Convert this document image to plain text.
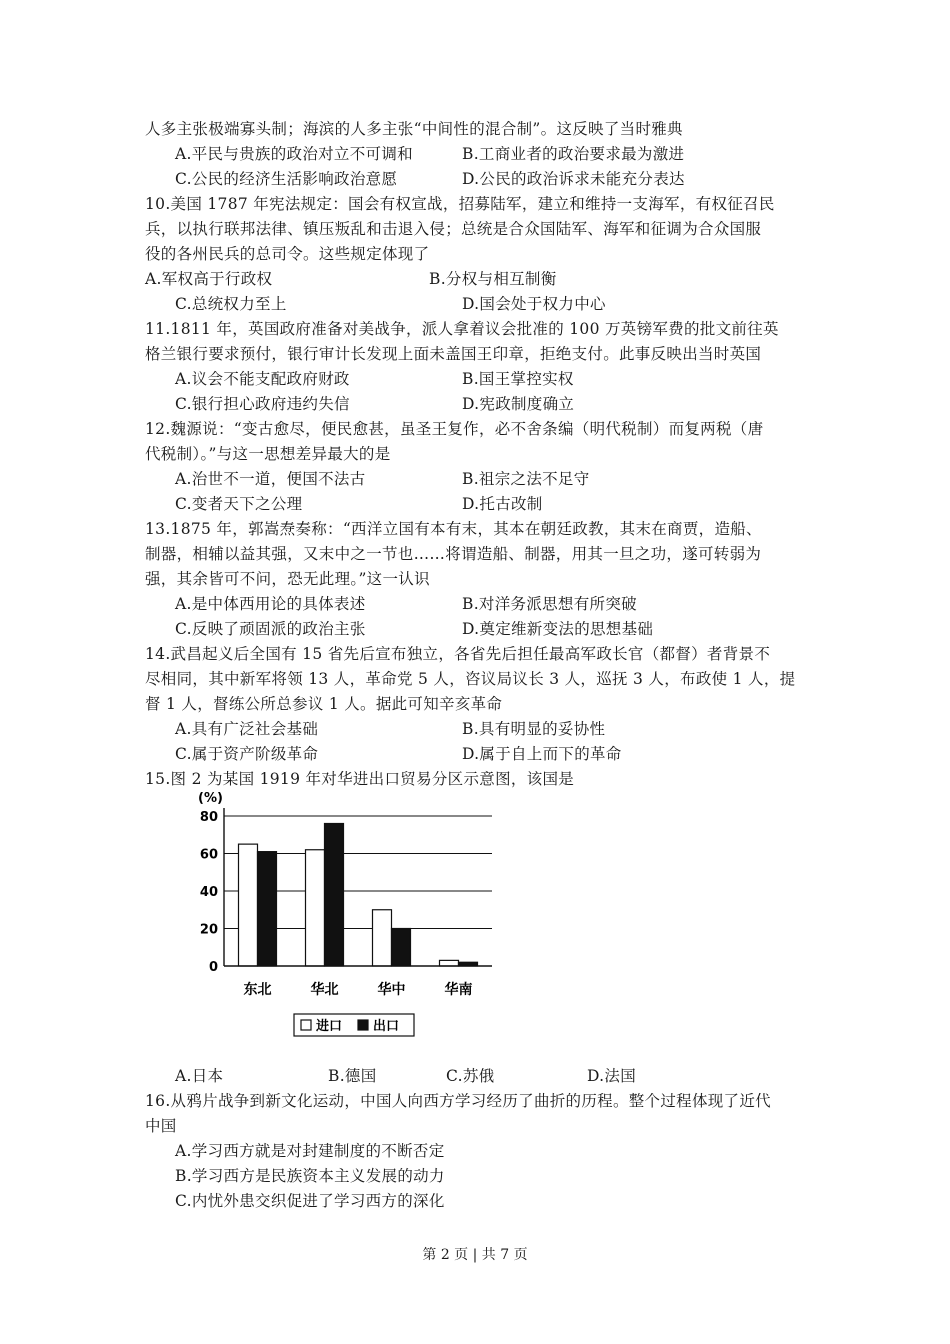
人多主张极端寡头制；海滨的人多主张“中间性的混合制”。这反映了当时雅典
A.平民与贵族的政治对立不可调和	B.工商业者的政治要求最为激进
C.公民的经济生活影响政治意愿	D.公民的政治诉求未能充分表达
10.美国 1787 年宪法规定：国会有权宣战，招募陆军，建立和维持一支海军，有权征召民
兵，以执行联邦法律、镇压叛乱和击退入侵；总统是合众国陆军、海军和征调为合众国服
役的各州民兵的总司令。这些规定体现了
A.军权高于行政权	B.分权与相互制衡
C.总统权力至上	D.国会处于权力中心
11.1811 年，英国政府准备对美战争，派人拿着议会批准的 100 万英镑军费的批文前往英
格兰银行要求预付，银行审计长发现上面未盖国王印章，拒绝支付。此事反映出当时英国
A.议会不能支配政府财政	B.国王掌控实权
C.银行担心政府违约失信	D.宪政制度确立
12.魏源说：“变古愈尽，便民愈甚，虽圣王复作，必不舍条编（明代税制）而复两税（唐
代税制）。”与这一思想差异最大的是
A.治世不一道，便国不法古	B.祖宗之法不足守
C.变者天下之公理	D.托古改制
13.1875 年，郭嵩焘奏称：“西洋立国有本有末，其本在朝廷政教，其末在商贾，造船、
制器，相辅以益其强，又末中之一节也……将谓造船、制器，用其一旦之功，遂可转弱为
强，其余皆可不问，恐无此理。”这一认识
A.是中体西用论的具体表述	B.对洋务派思想有所突破
C.反映了顽固派的政治主张	D.奠定维新变法的思想基础
14.武昌起义后全国有 15 省先后宣布独立，各省先后担任最高军政长官（都督）者背景不
尽相同，其中新军将领 13 人，革命党 5 人，咨议局议长 3 人，巡抚 3 人，布政使 1 人，提
督 1 人，督练公所总参议 1 人。据此可知辛亥革命
A.具有广泛社会基础	B.具有明显的妥协性
C.属于资产阶级革命	D.属于自上而下的革命
15.图 2 为某国 1919 年对华进出口贸易分区示意图，该国是
(%)
0
20
40
60
80
东北	华北	华中	华南
进口 出口
A.日本	B.德国	C.苏俄	D.法国
16.从鸦片战争到新文化运动，中国人向西方学习经历了曲折的历程。整个过程体现了近代
中国
A.学习西方就是对封建制度的不断否定
B.学习西方是民族资本主义发展的动力
C.内忧外患交织促进了学习西方的深化
第 2 页 | 共 7 页
